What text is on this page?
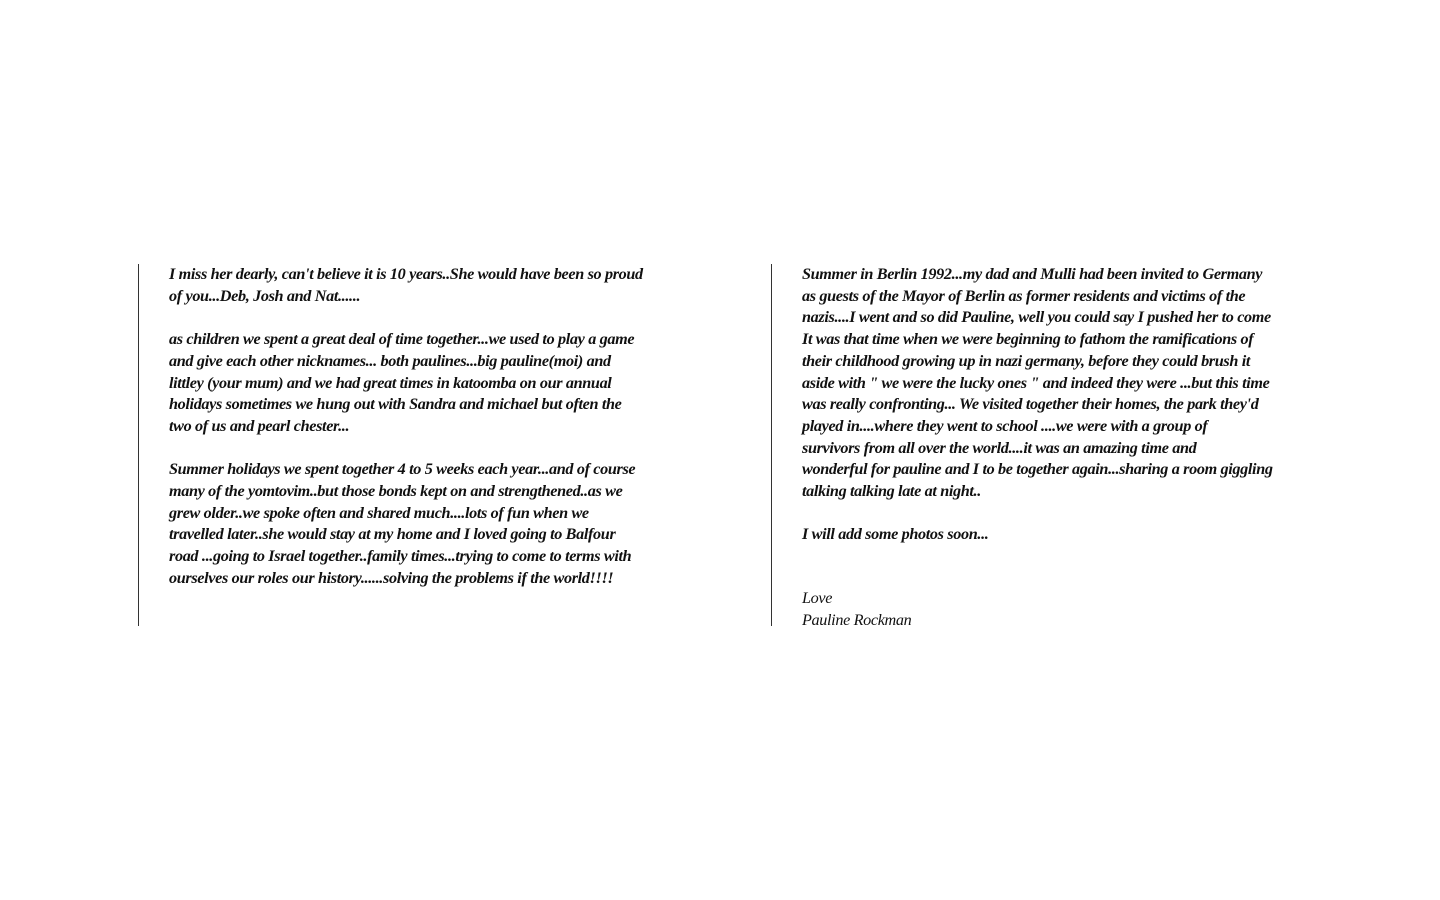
I miss her dearly, can't believe it is 10 years..She would have been so proud
of you...Deb, Josh and Nat......

as children we spent a great deal of time together...we used to play a game
and give each other nicknames... both paulines...big pauline(moi) and
littley (your mum) and we had great times in katoomba on our annual
holidays sometimes we hung out with Sandra and michael but often the
two of us and pearl chester...

Summer holidays we spent together 4 to 5 weeks each year...and of course
many of the yomtovim..but those bonds kept on and strengthened..as we
grew older..we spoke often and shared much....lots of fun when we
travelled later..she would stay at my home and I loved going to Balfour
road ...going to Israel together..family times...trying to come to terms with
ourselves our roles our history......solving the problems if the world!!!!

Summer in Berlin 1992...my dad and Mulli had been invited to Germany
as guests of the Mayor of Berlin as former residents and victims of the
nazis....I went and so did Pauline, well you could say I pushed her to come
It was that time when we were beginning to fathom the ramifications of
their childhood growing up in nazi germany, before they could brush it
aside with " we were the lucky ones " and indeed they were ...but this time
was really confronting... We visited together their homes, the park they'd
played in....where they went to school ....we were with a group of
survivors from all over the world....it was an amazing time and
wonderful for pauline and I to be together again...sharing a room giggling
talking talking late at night..

I will add some photos soon...

Love

Pauline Rockman
